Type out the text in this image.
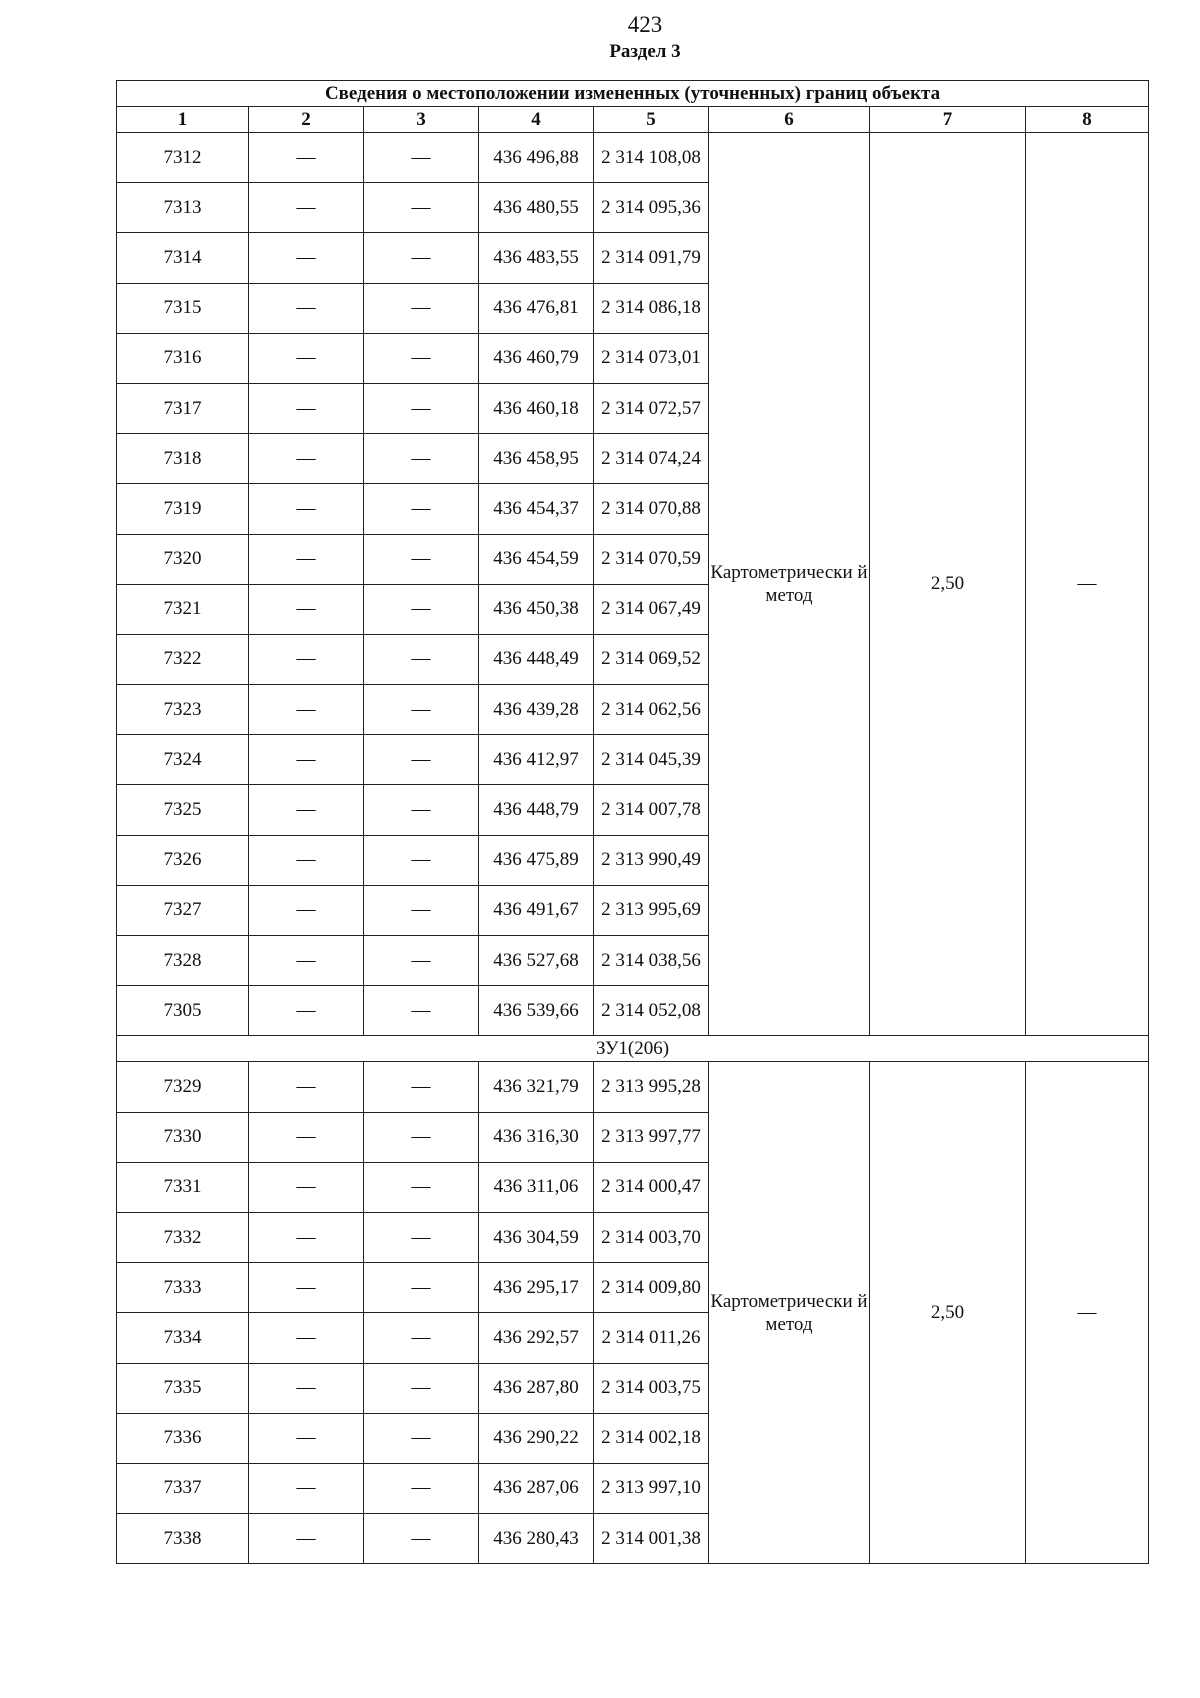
423
Раздел 3
Сведения о местоположении измененных (уточненных) границ объекта							
1	2	3	4	5	6	7	8
7312	—	—	436 496,88	2 314 108,08	Картометрически й метод	2,50	—
7313	—	—	436 480,55	2 314 095,36			
7314	—	—	436 483,55	2 314 091,79			
7315	—	—	436 476,81	2 314 086,18			
7316	—	—	436 460,79	2 314 073,01			
7317	—	—	436 460,18	2 314 072,57			
7318	—	—	436 458,95	2 314 074,24			
7319	—	—	436 454,37	2 314 070,88			
7320	—	—	436 454,59	2 314 070,59			
7321	—	—	436 450,38	2 314 067,49			
7322	—	—	436 448,49	2 314 069,52			
7323	—	—	436 439,28	2 314 062,56			
7324	—	—	436 412,97	2 314 045,39			
7325	—	—	436 448,79	2 314 007,78			
7326	—	—	436 475,89	2 313 990,49			
7327	—	—	436 491,67	2 313 995,69			
7328	—	—	436 527,68	2 314 038,56			
7305	—	—	436 539,66	2 314 052,08			
ЗУ1(206)							
7329	—	—	436 321,79	2 313 995,28	Картометрически й метод	2,50	—
7330	—	—	436 316,30	2 313 997,77			
7331	—	—	436 311,06	2 314 000,47			
7332	—	—	436 304,59	2 314 003,70			
7333	—	—	436 295,17	2 314 009,80			
7334	—	—	436 292,57	2 314 011,26			
7335	—	—	436 287,80	2 314 003,75			
7336	—	—	436 290,22	2 314 002,18			
7337	—	—	436 287,06	2 313 997,10			
7338	—	—	436 280,43	2 314 001,38			
